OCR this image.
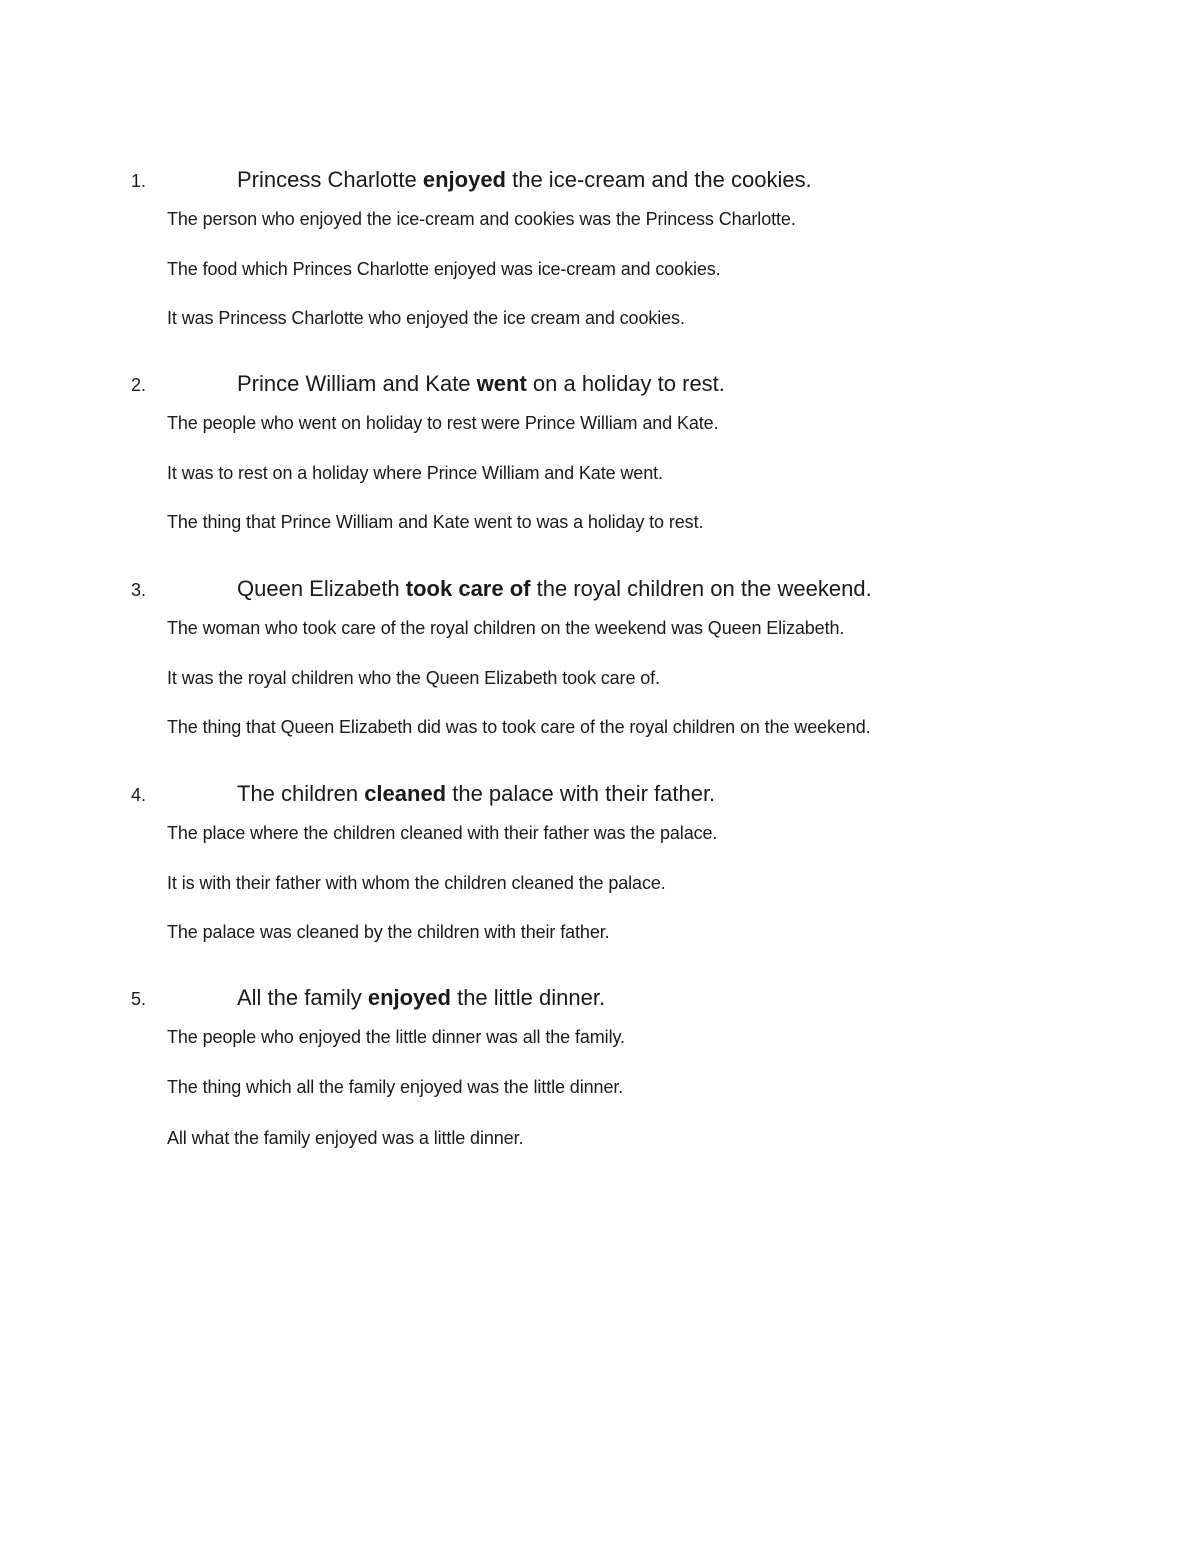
1.	Princess Charlotte enjoyed the ice-cream and the cookies.
The person who enjoyed the ice-cream and cookies was the Princess Charlotte.
The food which Princes Charlotte enjoyed was ice-cream and cookies.
It was Princess Charlotte who enjoyed the ice cream and cookies.
2.	Prince William and Kate went on a holiday to rest.
The people who went on holiday to rest were Prince William and Kate.
It was to rest on a holiday where Prince William and Kate went.
The thing that Prince William and Kate went to was a holiday to rest.
3.	Queen Elizabeth took care of the royal children on the weekend.
The woman who took care of the royal children on the weekend was Queen Elizabeth.
It was the royal children who the Queen Elizabeth took care of.
The thing that Queen Elizabeth did was to took care of the royal children on the weekend.
4.	The children cleaned the palace with their father.
The place where the children cleaned with their father was the palace.
It is with their father with whom the children cleaned the palace.
The palace was cleaned by the children with their father.
5.	All the family enjoyed the little dinner.
The people who enjoyed the little dinner was all the family.
The thing which all the family enjoyed was the little dinner.
All what the family enjoyed was a little dinner.
